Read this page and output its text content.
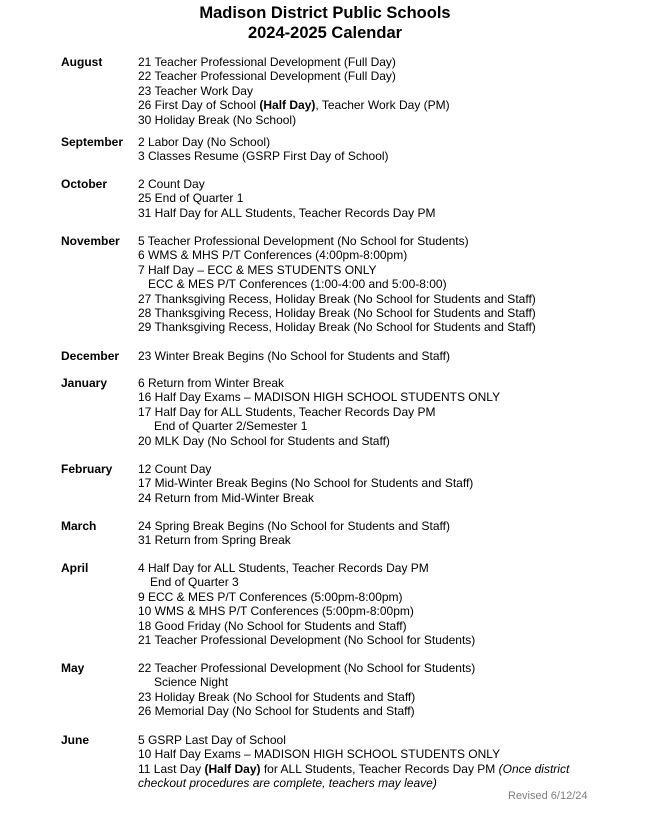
Madison District Public Schools
2024-2025 Calendar
August	21 Teacher Professional Development (Full Day)
22 Teacher Professional Development (Full Day)
23 Teacher Work Day
26 First Day of School (Half Day), Teacher Work Day (PM)
30 Holiday Break (No School)
September 2 Labor Day (No School)
3 Classes Resume (GSRP First Day of School)
October	2 Count Day
25 End of Quarter 1
31 Half Day for ALL Students, Teacher Records Day PM
November 5 Teacher Professional Development (No School for Students)
6 WMS & MHS P/T Conferences (4:00pm-8:00pm)
7 Half Day – ECC & MES STUDENTS ONLY
ECC & MES P/T Conferences (1:00-4:00 and 5:00-8:00)
27 Thanksgiving Recess, Holiday Break (No School for Students and Staff)
28 Thanksgiving Recess, Holiday Break (No School for Students and Staff)
29 Thanksgiving Recess, Holiday Break (No School for Students and Staff)
December 23 Winter Break Begins (No School for Students and Staff)
January	6 Return from Winter Break
16 Half Day Exams – MADISON HIGH SCHOOL STUDENTS ONLY
17 Half Day for ALL Students, Teacher Records Day PM
End of Quarter 2/Semester 1
20 MLK Day (No School for Students and Staff)
February 12 Count Day
17 Mid-Winter Break Begins (No School for Students and Staff)
24 Return from Mid-Winter Break
March	24 Spring Break Begins (No School for Students and Staff)
31 Return from Spring Break
April	4 Half Day for ALL Students, Teacher Records Day PM
End of Quarter 3
9 ECC & MES P/T Conferences (5:00pm-8:00pm)
10 WMS & MHS P/T Conferences (5:00pm-8:00pm)
18 Good Friday (No School for Students and Staff)
21 Teacher Professional Development (No School for Students)
May	22 Teacher Professional Development (No School for Students)
Science Night
23 Holiday Break (No School for Students and Staff)
26 Memorial Day (No School for Students and Staff)
June	5 GSRP Last Day of School
10 Half Day Exams – MADISON HIGH SCHOOL STUDENTS ONLY
11 Last Day (Half Day) for ALL Students, Teacher Records Day PM (Once district checkout procedures are complete, teachers may leave)
Revised 6/12/24
